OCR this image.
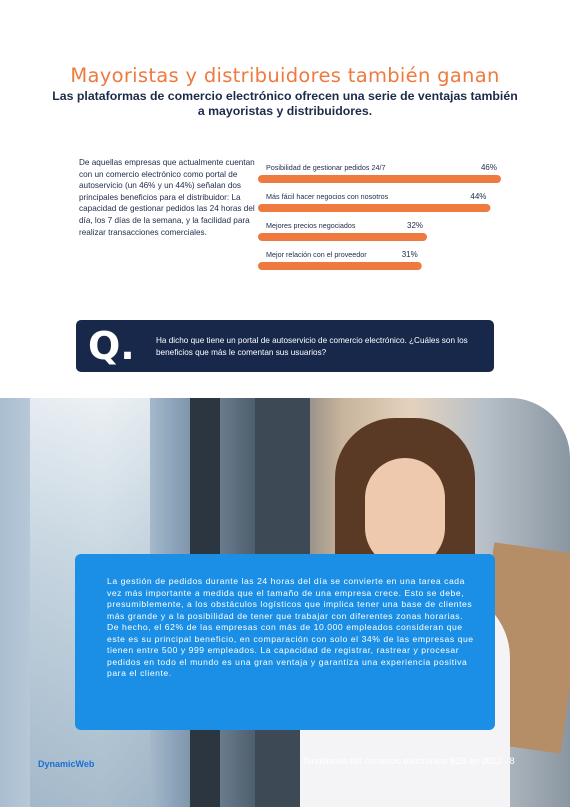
Mayoristas y distribuidores también ganan
Las plataformas de comercio electrónico ofrecen una serie de ventajas también a mayoristas y distribuidores.
De aquellas empresas que actualmente cuentan con un comercio electrónico como portal de autoservicio (un 46% y un 44%) señalan dos principales beneficios para el distribuidor: La capacidad de gestionar pedidos las 24 horas del día, los 7 días de la semana, y la facilidad para realizar transacciones comerciales.
Posibilidad de gestionar pedidos 24/7	46%
Más fácil hacer negocios con nosotros	44%
Mejores precios negociados	32%
Mejor relación con el proveedor	31%
Q.	Ha dicho que tiene un portal de autoservicio de comercio electrónico. ¿Cuáles son los beneficios que más le comentan sus usuarios?
La gestión de pedidos durante las 24 horas del día se convierte en una tarea cada vez más importante a medida que el tamaño de una empresa crece. Esto se debe, presumiblemente, a los obstáculos logísticos que implica tener una base de clientes más grande y a la posibilidad de tener que trabajar con diferentes zonas horarias. De hecho, el 62% de las empresas con más de 10.000 empleados consideran que este es su principal beneficio, en comparación con solo el 34% de las empresas que tienen entre 500 y 999 empleados. La capacidad de registrar, rastrear y procesar pedidos en todo el mundo es una gran ventaja y garantiza una experiencia positiva para el cliente.
DynamicWeb	Tendencias del comercio electrónico B2B en 2022 - 8
